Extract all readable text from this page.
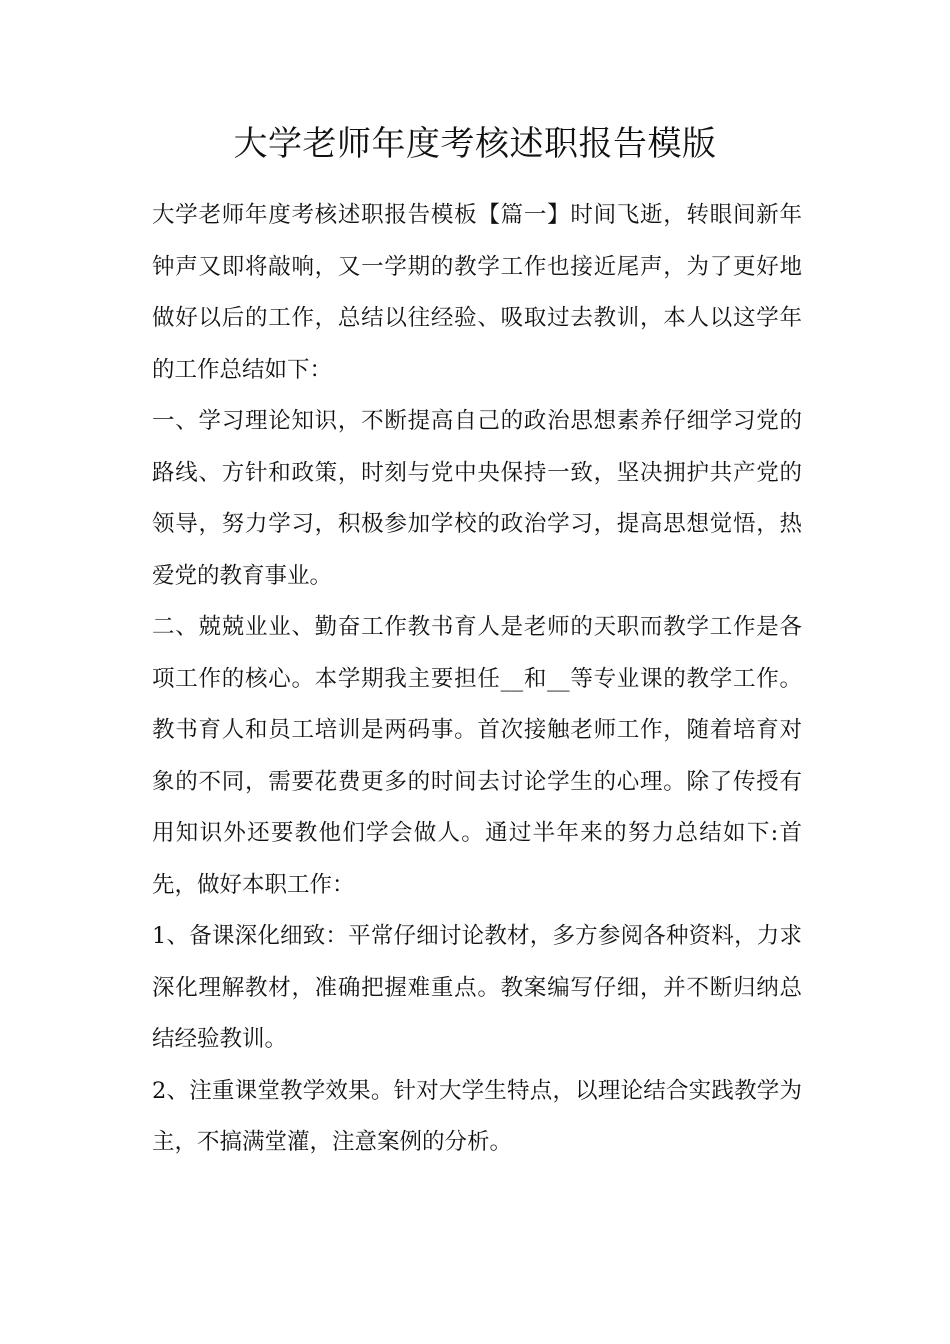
大学老师年度考核述职报告模版

大学老师年度考核述职报告模板【篇一】时间飞逝，转眼间新年钟声又即将敲响，又一学期的教学工作也接近尾声，为了更好地做好以后的工作，总结以往经验、吸取过去教训，本人以这学年的工作总结如下：

一、学习理论知识，不断提高自己的政治思想素养仔细学习党的路线、方针和政策，时刻与党中央保持一致，坚决拥护共产党的领导，努力学习，积极参加学校的政治学习，提高思想觉悟，热爱党的教育事业。

二、兢兢业业、勤奋工作教书育人是老师的天职而教学工作是各项工作的核心。本学期我主要担任__和__等专业课的教学工作。教书育人和员工培训是两码事。首次接触老师工作，随着培育对象的不同，需要花费更多的时间去讨论学生的心理。除了传授有用知识外还要教他们学会做人。通过半年来的努力总结如下:首先，做好本职工作：

1、备课深化细致：平常仔细讨论教材，多方参阅各种资料，力求深化理解教材，准确把握难重点。教案编写仔细，并不断归纳总结经验教训。

2、注重课堂教学效果。针对大学生特点，以理论结合实践教学为主，不搞满堂灌，注意案例的分析。
